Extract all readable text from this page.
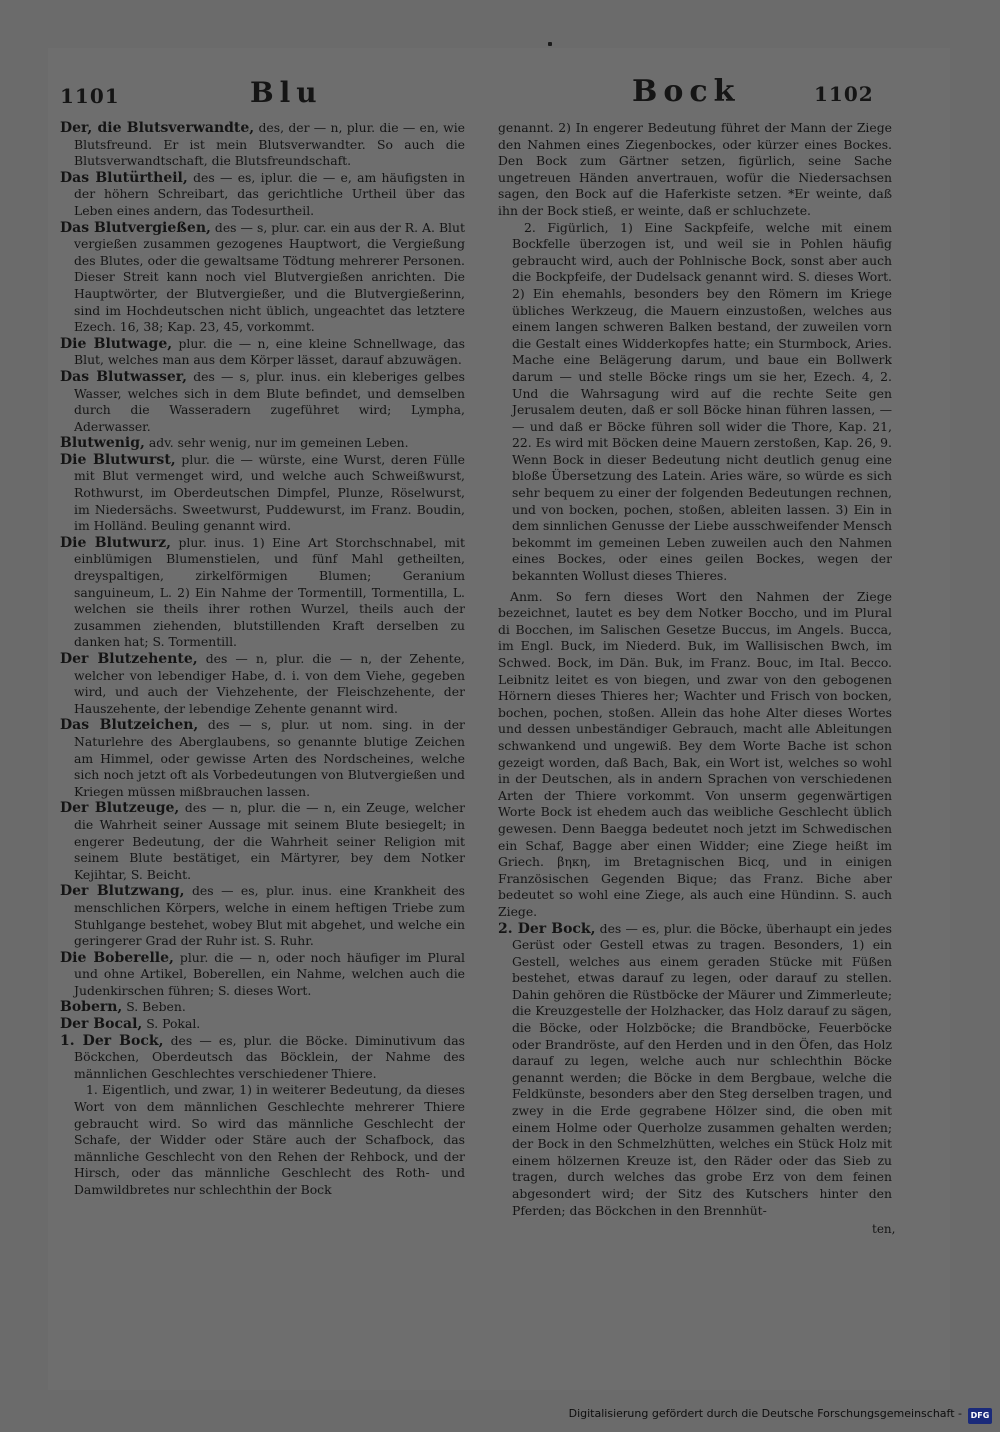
1101	Blu	Bock	1102

Der, die Blutsverwandte, des, der — n, plur. die — en, wie Blutsfreund. Er ist mein Blutsverwandter. So auch die Blutsverwandtschaft, die Blutsfreundschaft.

Das Blutürtheil, des — es, iplur. die — e, am häufigsten in der höhern Schreibart, das gerichtliche Urtheil über das Leben eines andern, das Todesurtheil.

Das Blutvergießen, des — s, plur. car. ein aus der R. A. Blut vergießen zusammen gezogenes Hauptwort, die Vergießung des Blutes, oder die gewaltsame Tödtung mehrerer Personen. Dieser Streit kann noch viel Blutvergießen anrichten. Die Hauptwörter, der Blutvergießer, und die Blutvergießerinn, sind im Hochdeutschen nicht üblich, ungeachtet das letztere Ezech. 16, 38; Kap. 23, 45, vorkommt.

Die Blutwage, plur. die — n, eine kleine Schnellwage, das Blut, welches man aus dem Körper lässet, darauf abzuwägen.

Das Blutwasser, des — s, plur. inus. ein kleberiges gelbes Wasser, welches sich in dem Blute befindet, und demselben durch die Wasseradern zugeführet wird; Lympha, Aderwasser.

Blutwenig, adv. sehr wenig, nur im gemeinen Leben.

Die Blutwurst, plur. die — würste, eine Wurst, deren Fülle mit Blut vermenget wird, und welche auch Schweißwurst, Rothwurst, im Oberdeutschen Dimpfel, Plunze, Röselwurst, im Niedersächs. Sweetwurst, Puddewurst, im Franz. Boudin, im Holländ. Beuling genannt wird.

Die Blutwurz, plur. inus. 1) Eine Art Storchschnabel, mit einblümigen Blumenstielen, und fünf Mahl getheilten, dreyspaltigen, zirkelförmigen Blumen; Geranium sanguineum, L. 2) Ein Nahme der Tormentill, Tormentilla, L. welchen sie theils ihrer rothen Wurzel, theils auch der zusammen ziehenden, blutstillenden Kraft derselben zu danken hat; S. Tormentill.

Der Blutzehente, des — n, plur. die — n, der Zehente, welcher von lebendiger Habe, d. i. von dem Viehe, gegeben wird, und auch der Viehzehente, der Fleischzehente, der Hauszehente, der lebendige Zehente genannt wird.

Das Blutzeichen, des — s, plur. ut nom. sing. in der Naturlehre des Aberglaubens, so genannte blutige Zeichen am Himmel, oder gewisse Arten des Nordscheines, welche sich noch jetzt oft als Vorbedeutungen von Blutvergießen und Kriegen müssen mißbrauchen lassen.

Der Blutzeuge, des — n, plur. die — n, ein Zeuge, welcher die Wahrheit seiner Aussage mit seinem Blute besiegelt; in engerer Bedeutung, der die Wahrheit seiner Religion mit seinem Blute bestätiget, ein Märtyrer, bey dem Notker Kejihtar, S. Beicht.

Der Blutzwang, des — es, plur. inus. eine Krankheit des menschlichen Körpers, welche in einem heftigen Triebe zum Stuhlgange bestehet, wobey Blut mit abgehet, und welche ein geringerer Grad der Ruhr ist. S. Ruhr.

Die Boberelle, plur. die — n, oder noch häufiger im Plural und ohne Artikel, Boberellen, ein Nahme, welchen auch die Judenkirschen führen; S. dieses Wort.

Bobern, S. Beben.

Der Bocal, S. Pokal.

1. Der Bock, des — es, plur. die Böcke. Diminutivum das Böckchen, Oberdeutsch das Böcklein, der Nahme des männlichen Geschlechtes verschiedener Thiere.

1. Eigentlich, und zwar, 1) in weiterer Bedeutung, da dieses Wort von dem männlichen Geschlechte mehrerer Thiere gebraucht wird. So wird das männliche Geschlecht der Schafe, der Widder oder Stäre auch der Schafbock, das männliche Geschlecht von den Rehen der Rehbock, und der Hirsch, oder das männliche Geschlecht des Roth- und Damwildbretes nur schlechthin der Bock

genannt. 2) In engerer Bedeutung führet der Mann der Ziege den Nahmen eines Ziegenbockes, oder kürzer eines Bockes. Den Bock zum Gärtner setzen, figürlich, seine Sache ungetreuen Händen anvertrauen, wofür die Niedersachsen sagen, den Bock auf die Haferkiste setzen. *Er weinte, daß ihn der Bock stieß, er weinte, daß er schluchzete.

2. Figürlich, 1) Eine Sackpfeife, welche mit einem Bockfelle überzogen ist, und weil sie in Pohlen häufig gebraucht wird, auch der Pohlnische Bock, sonst aber auch die Bockpfeife, der Dudelsack genannt wird. S. dieses Wort. 2) Ein ehemahls, besonders bey den Römern im Kriege übliches Werkzeug, die Mauern einzustoßen, welches aus einem langen schweren Balken bestand, der zuweilen vorn die Gestalt eines Widderkopfes hatte; ein Sturmbock, Aries. Mache eine Belägerung darum, und baue ein Bollwerk darum — und stelle Böcke rings um sie her, Ezech. 4, 2. Und die Wahrsagung wird auf die rechte Seite gen Jerusalem deuten, daß er soll Böcke hinan führen lassen, — — und daß er Böcke führen soll wider die Thore, Kap. 21, 22. Es wird mit Böcken deine Mauern zerstoßen, Kap. 26, 9. Wenn Bock in dieser Bedeutung nicht deutlich genug eine bloße Übersetzung des Latein. Aries wäre, so würde es sich sehr bequem zu einer der folgenden Bedeutungen rechnen, und von bocken, pochen, stoßen, ableiten lassen. 3) Ein in dem sinnlichen Genusse der Liebe ausschweifender Mensch bekommt im gemeinen Leben zuweilen auch den Nahmen eines Bockes, oder eines geilen Bockes, wegen der bekannten Wollust dieses Thieres.

Anm. So fern dieses Wort den Nahmen der Ziege bezeichnet, lautet es bey dem Notker Boccho, und im Plural di Bocchen, im Salischen Gesetze Buccus, im Angels. Bucca, im Engl. Buck, im Niederd. Buk, im Wallisischen Bwch, im Schwed. Bock, im Dän. Buk, im Franz. Bouc, im Ital. Becco. Leibnitz leitet es von biegen, und zwar von den gebogenen Hörnern dieses Thieres her; Wachter und Frisch von bocken, bochen, pochen, stoßen. Allein das hohe Alter dieses Wortes und dessen unbeständiger Gebrauch, macht alle Ableitungen schwankend und ungewiß. Bey dem Worte Bache ist schon gezeigt worden, daß Bach, Bak, ein Wort ist, welches so wohl in der Deutschen, als in andern Sprachen von verschiedenen Arten der Thiere vorkommt. Von unserm gegenwärtigen Worte Bock ist ehedem auch das weibliche Geschlecht üblich gewesen. Denn Baegga bedeutet noch jetzt im Schwedischen ein Schaf, Bagge aber einen Widder; eine Ziege heißt im Griech. βηκη, im Bretagnischen Bicq, und in einigen Französischen Gegenden Bique; das Franz. Biche aber bedeutet so wohl eine Ziege, als auch eine Hündinn. S. auch Ziege.

2. Der Bock, des — es, plur. die Böcke, überhaupt ein jedes Gerüst oder Gestell etwas zu tragen. Besonders, 1) ein Gestell, welches aus einem geraden Stücke mit Füßen bestehet, etwas darauf zu legen, oder darauf zu stellen. Dahin gehören die Rüstböcke der Mäurer und Zimmerleute; die Kreuzgestelle der Holzhacker, das Holz darauf zu sägen, die Böcke, oder Holzböcke; die Brandböcke, Feuerböcke oder Brandröste, auf den Herden und in den Öfen, das Holz darauf zu legen, welche auch nur schlechthin Böcke genannt werden; die Böcke in dem Bergbaue, welche die Feldkünste, besonders aber den Steg derselben tragen, und zwey in die Erde gegrabene Hölzer sind, die oben mit einem Holme oder Querholze zusammen gehalten werden; der Bock in den Schmelzhütten, welches ein Stück Holz mit einem hölzernen Kreuze ist, den Räder oder das Sieb zu tragen, durch welches das grobe Erz von dem feinen abgesondert wird; der Sitz des Kutschers hinter den Pferden; das Böckchen in den Brennhüt-

ten,
Digitalisierung gefördert durch die Deutsche Forschungsgemeinschaft -	DFG
